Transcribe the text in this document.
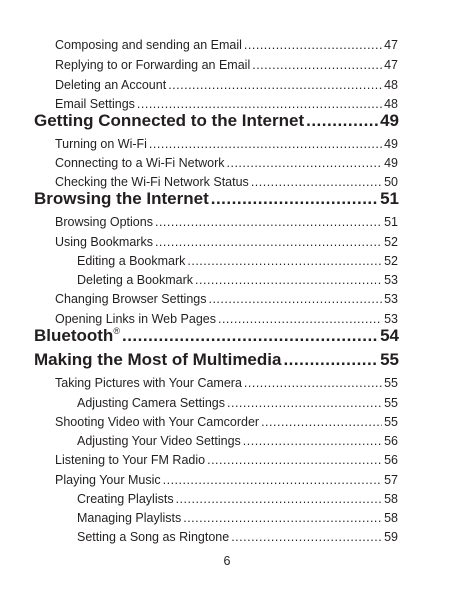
Composing and sending an Email .....	47
Replying to or Forwarding an Email .....	47
Deleting an Account .....	48
Email Settings .....	48
Getting Connected to the Internet .....	49
Turning on Wi-Fi .....	49
Connecting to a Wi-Fi Network .....	49
Checking the Wi-Fi Network Status .....	50
Browsing the Internet .....	51
Browsing Options .....	51
Using Bookmarks .....	52
Editing a Bookmark .....	52
Deleting a Bookmark .....	53
Changing Browser Settings .....	53
Opening Links in Web Pages .....	53
Bluetooth® .....	54
Making the Most of Multimedia .....	55
Taking Pictures with Your Camera .....	55
Adjusting Camera Settings .....	55
Shooting Video with Your Camcorder .....	55
Adjusting Your Video Settings .....	56
Listening to Your FM Radio .....	56
Playing Your Music .....	57
Creating Playlists .....	58
Managing Playlists .....	58
Setting a Song as Ringtone .....	59
6
